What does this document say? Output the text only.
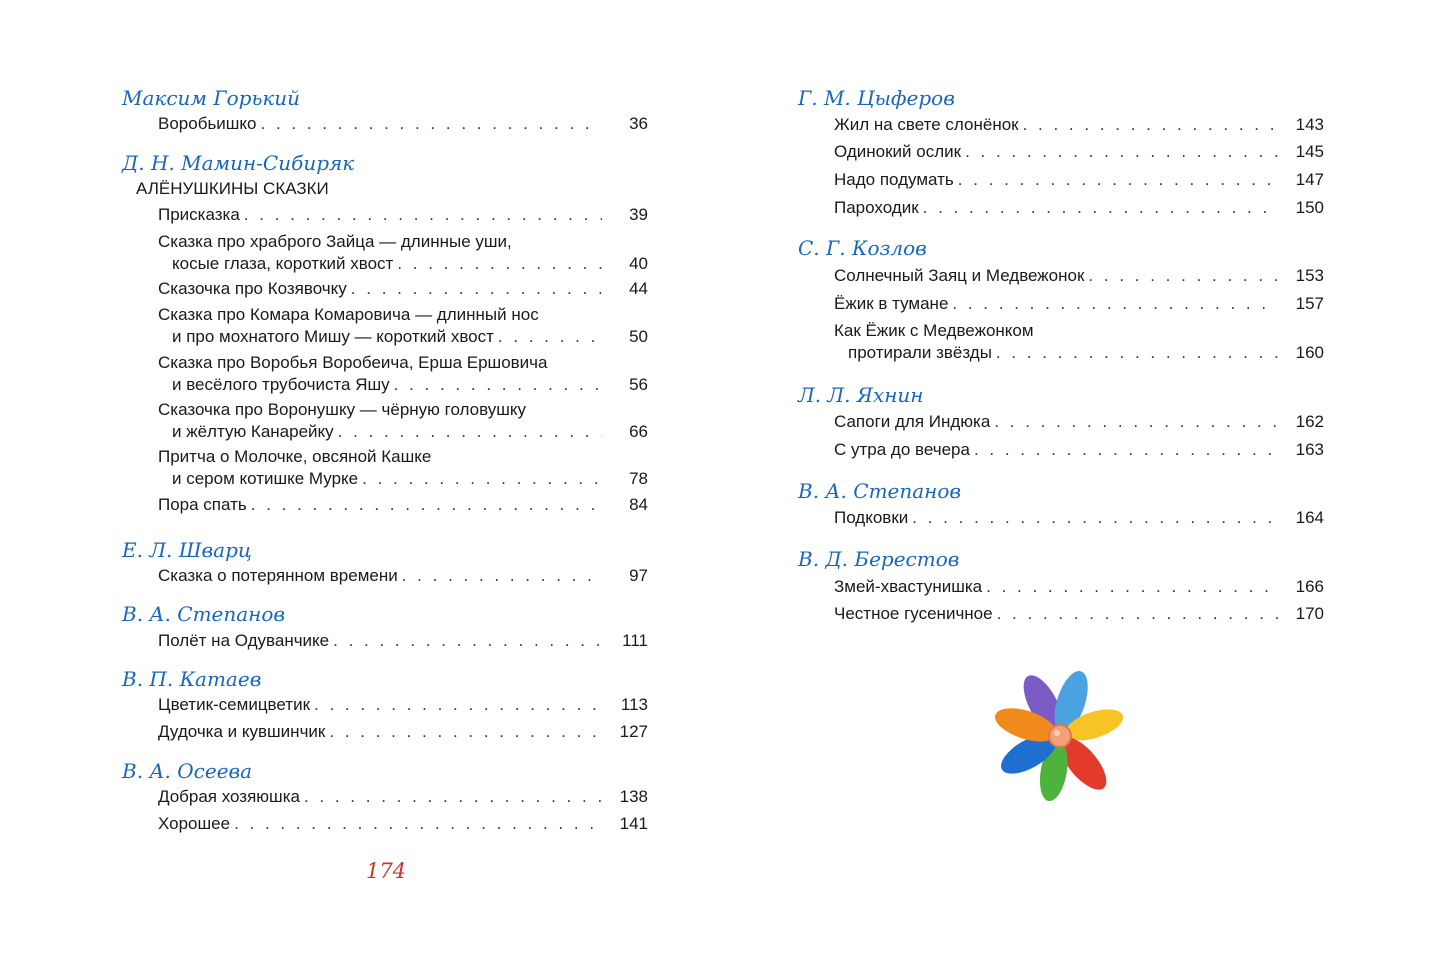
Максим Горький
Воробьишко . . .	36
Д. Н. Мамин-Сибиряк
АЛЁНУШКИНЫ СКАЗКИ
Присказка . . .	39
Сказка про храброго Зайца — длинные уши,
косые глаза, короткий хвост . . .	40
Сказочка про Козявочку . . .	44
Сказка про Комара Комаровича — длинный нос
и про мохнатого Мишу — короткий хвост . . .	50
Сказка про Воробья Воробеича, Ерша Ершовича
и весёлого трубочиста Яшу . . .	56
Сказочка про Воронушку — чёрную головушку
и жёлтую Канарейку . . .	66
Притча о Молочке, овсяной Кашке
и сером котишке Мурке . . .	78
Пора спать . . .	84
Е. Л. Шварц
Сказка о потерянном времени . . .	97
В. А. Степанов
Полёт на Одуванчике . . .	111
В. П. Катаев
Цветик-семицветик . . .	113
Дудочка и кувшинчик . . .	127
В. А. Осеева
Добрая хозяюшка . . .	138
Хорошее . . .	141
Г. М. Цыферов
Жил на свете слонёнок . . .	143
Одинокий ослик . . .	145
Надо подумать . . .	147
Пароходик . . .	150
С. Г. Козлов
Солнечный Заяц и Медвежонок . . .	153
Ёжик в тумане . . .	157
Как Ёжик с Медвежонком
протирали звёзды . . .	160
Л. Л. Яхнин
Сапоги для Индюка . . .	162
С утра до вечера . . .	163
В. А. Степанов
Подковки . . .	164
В. Д. Берестов
Змей-хвастунишка . . .	166
Честное гусеничное . . .	170
174
